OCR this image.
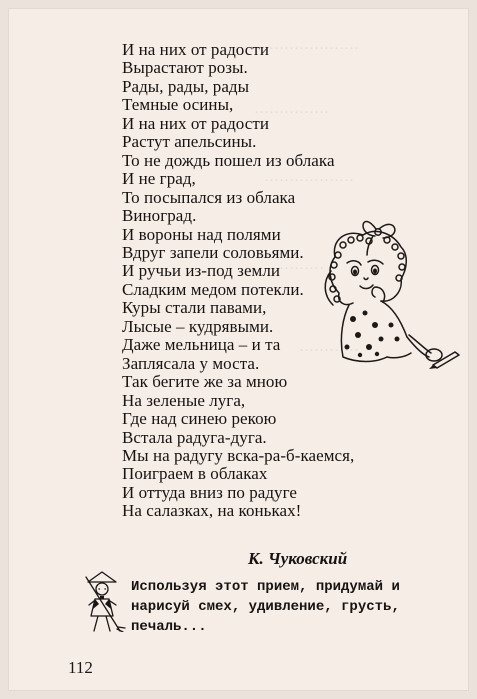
………………
……………
………………
………
…………
И на них от радости
Вырастают розы.
Рады, рады, рады
Темные осины,
И на них от радости
Растут апельсины.
То не дождь пошел из облака
И не град,
То посыпался из облака
Виноград.
И вороны над полями
Вдруг запели соловьями.
И ручьи из-под земли
Сладким медом потекли.
Куры стали павами,
Лысые – кудрявыми.
Даже мельница – и та
Заплясала у моста.
Так бегите же за мною
На зеленые луга,
Где над синею рекою
Встала радуга-дуга.
Мы на радугу вска-ра-б-каемся,
Поиграем в облаках
И оттуда вниз по радуге
На салазках, на коньках!
К. Чуковский
Используя этот прием, придумай и
нарисуй смех, удивление, грусть,
печаль...
112
